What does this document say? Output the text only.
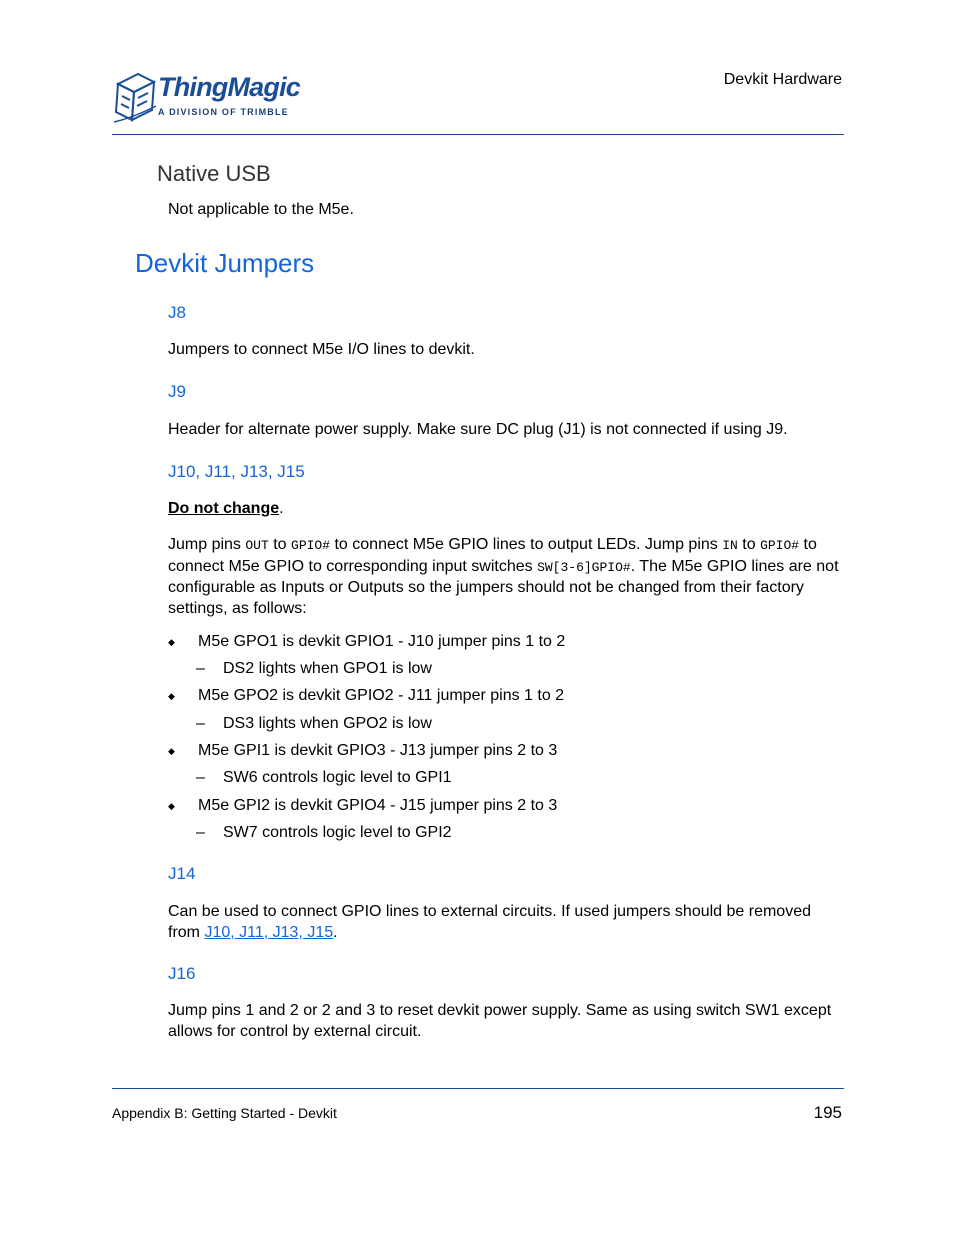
ThingMagic
A DIVISION OF TRIMBLE
Devkit Hardware
Native USB
Not applicable to the M5e.
Devkit Jumpers
J8
Jumpers to connect M5e I/O lines to devkit.
J9
Header for alternate power supply. Make sure DC plug (J1) is not connected if using J9.
J10, J11, J13, J15
Do not change.
Jump pins OUT to GPIO# to connect M5e GPIO lines to output LEDs. Jump pins IN to GPIO# to connect M5e GPIO to corresponding input switches SW[3-6]GPIO#. The M5e GPIO lines are not configurable as Inputs or Outputs so the jumpers should not be changed from their factory settings, as follows:
◆ M5e GPO1 is devkit GPIO1 - J10 jumper pins 1 to 2
– DS2 lights when GPO1 is low
◆ M5e GPO2 is devkit GPIO2 - J11 jumper pins 1 to 2
– DS3 lights when GPO2 is low
◆ M5e GPI1 is devkit GPIO3 - J13 jumper pins 2 to 3
– SW6 controls logic level to GPI1
◆ M5e GPI2 is devkit GPIO4 - J15 jumper pins 2 to 3
– SW7 controls logic level to GPI2
J14
Can be used to connect GPIO lines to external circuits. If used jumpers should be removed from J10, J11, J13, J15.
J16
Jump pins 1 and 2 or 2 and 3 to reset devkit power supply. Same as using switch SW1 except allows for control by external circuit.
Appendix B: Getting Started - Devkit	195
